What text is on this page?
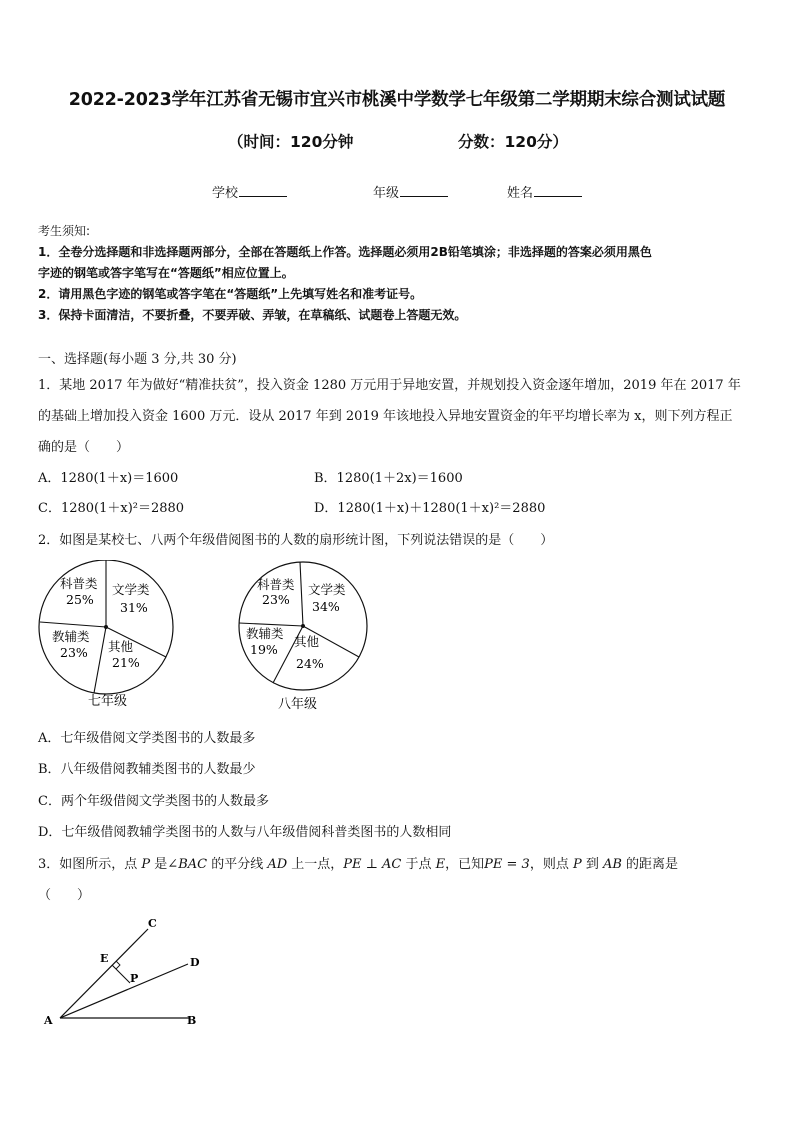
2022-2023学年江苏省无锡市宜兴市桃溪中学数学七年级第二学期期末综合测试试题
（时间：120分钟	分数：120分）
学校	年级	姓名
考生须知:
1．全卷分选择题和非选择题两部分，全部在答题纸上作答。选择题必须用2B铅笔填涂；非选择题的答案必须用黑色
字迹的钢笔或答字笔写在“答题纸”相应位置上。
2．请用黑色字迹的钢笔或答字笔在“答题纸”上先填写姓名和准考证号。
3．保持卡面清洁，不要折叠，不要弄破、弄皱，在草稿纸、试题卷上答题无效。
一、选择题(每小题 3 分,共 30 分)
1．某地 2017 年为做好“精准扶贫”，投入资金 1280 万元用于异地安置，并规划投入资金逐年增加，2019 年在 2017 年
的基础上增加投入资金 1600 万元．设从 2017 年到 2019 年该地投入异地安置资金的年平均增长率为 x，则下列方程正
确的是（　　）
A．1280(1＋x)＝1600	B．1280(1＋2x)＝1600
C．1280(1＋x)²＝2880	D．1280(1＋x)＋1280(1＋x)²＝2880
2．如图是某校七、八两个年级借阅图书的人数的扇形统计图，下列说法错误的是（　　）
科普类
25%
文学类
31%
其他
21%
教辅类
23%
七年级
科普类
23%
文学类
34%
其他
24%
教辅类
19%
八年级
A．七年级借阅文学类图书的人数最多
B．八年级借阅教辅类图书的人数最少
C．两个年级借阅文学类图书的人数最多
D．七年级借阅教辅学类图书的人数与八年级借阅科普类图书的人数相同
3．如图所示，点 P 是∠BAC 的平分线 AD 上一点，PE ⊥ AC 于点 E，已知PE = 3，则点 P 到 AB 的距离是
（　　）
A	B
C
D
E
P
